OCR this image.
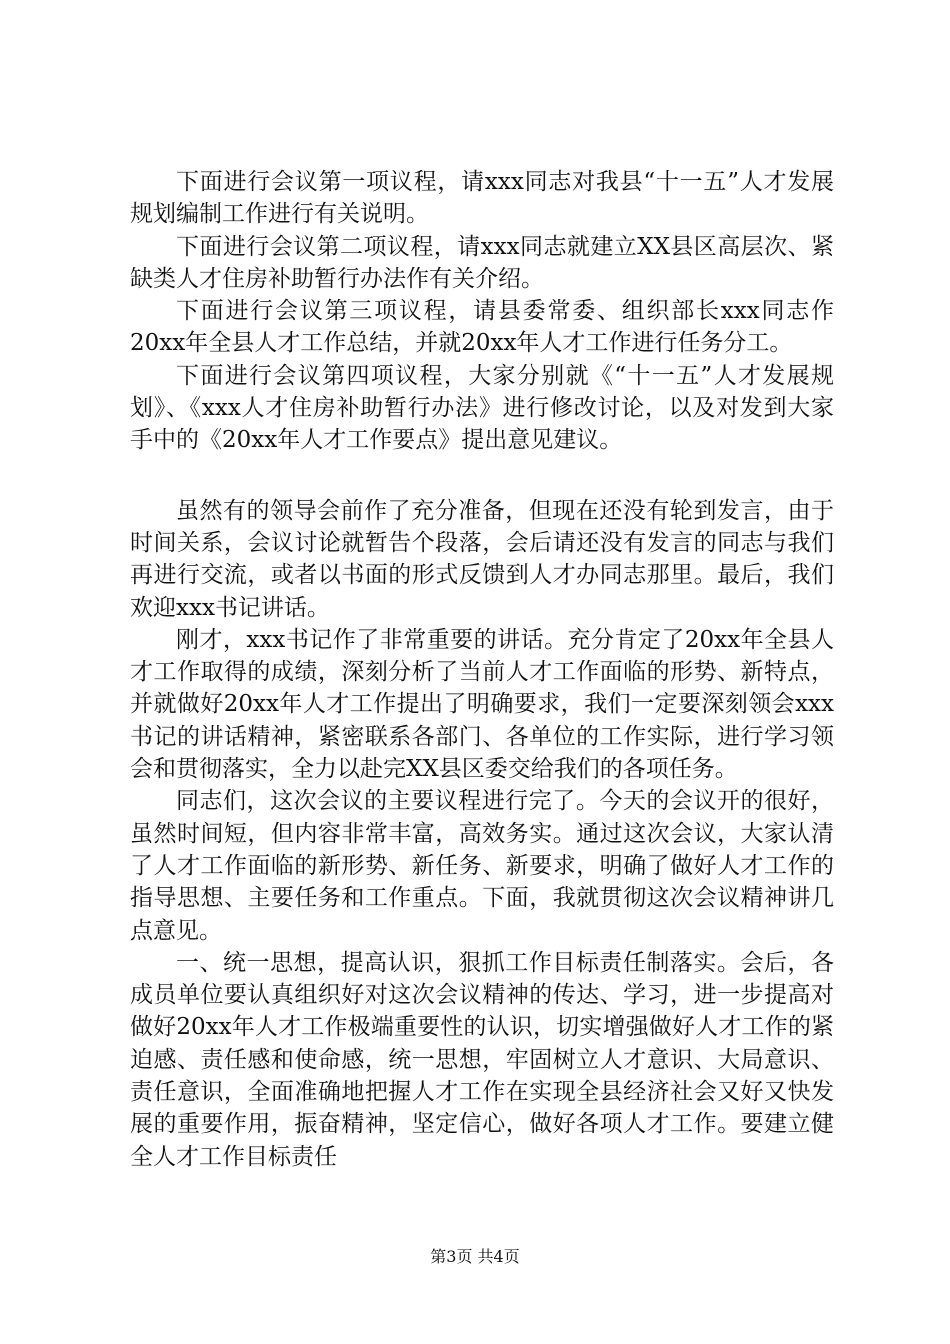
下面进行会议第一项议程，请xxx同志对我县“十一五”人才发展规划编制工作进行有关说明。

下面进行会议第二项议程，请xxx同志就建立XX县区高层次、紧缺类人才住房补助暂行办法作有关介绍。

下面进行会议第三项议程，请县委常委、组织部长xxx同志作20xx年全县人才工作总结，并就20xx年人才工作进行任务分工。

下面进行会议第四项议程，大家分别就《“十一五”人才发展规划》、《xxx人才住房补助暂行办法》进行修改讨论，以及对发到大家手中的《20xx年人才工作要点》提出意见建议。

虽然有的领导会前作了充分准备，但现在还没有轮到发言，由于时间关系，会议讨论就暂告个段落，会后请还没有发言的同志与我们再进行交流，或者以书面的形式反馈到人才办同志那里。最后，我们欢迎xxx书记讲话。

刚才，xxx书记作了非常重要的讲话。充分肯定了20xx年全县人才工作取得的成绩，深刻分析了当前人才工作面临的形势、新特点，并就做好20xx年人才工作提出了明确要求，我们一定要深刻领会xxx书记的讲话精神，紧密联系各部门、各单位的工作实际，进行学习领会和贯彻落实，全力以赴完XX县区委交给我们的各项任务。

同志们，这次会议的主要议程进行完了。今天的会议开的很好，虽然时间短，但内容非常丰富，高效务实。通过这次会议，大家认清了人才工作面临的新形势、新任务、新要求，明确了做好人才工作的指导思想、主要任务和工作重点。下面，我就贯彻这次会议精神讲几点意见。

一、统一思想，提高认识，狠抓工作目标责任制落实。会后，各成员单位要认真组织好对这次会议精神的传达、学习，进一步提高对做好20xx年人才工作极端重要性的认识，切实增强做好人才工作的紧迫感、责任感和使命感，统一思想，牢固树立人才意识、大局意识、责任意识，全面准确地把握人才工作在实现全县经济社会又好又快发展的重要作用，振奋精神，坚定信心，做好各项人才工作。要建立健全人才工作目标责任

第3页 共4页
